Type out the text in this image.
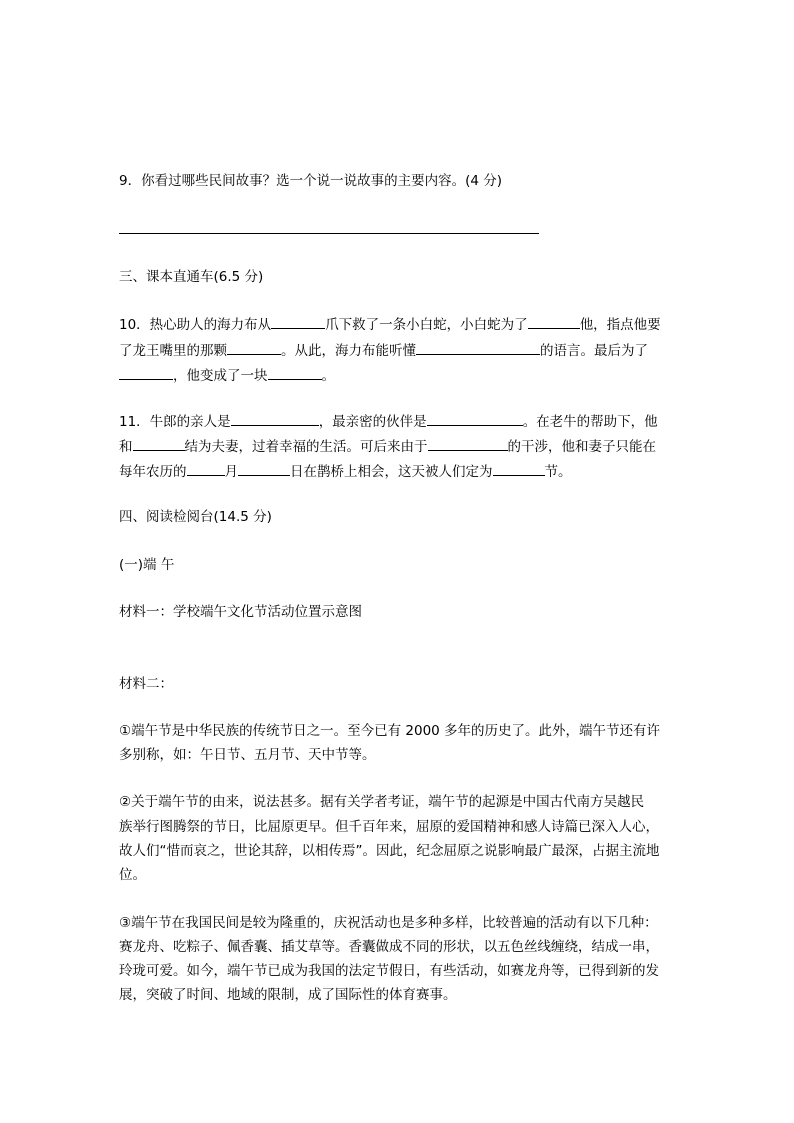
9．你看过哪些民间故事？选一个说一说故事的主要内容。(4 分)
三、课本直通车(6.5 分)
10．热心助人的海力布从	爪下救了一条小白蛇，小白蛇为了	他，指点他要
了龙王嘴里的那颗	。从此，海力布能听懂	的语言。最后为了
，他变成了一块	。
11．牛郎的亲人是	，最亲密的伙伴是	。在老牛的帮助下，他
和	结为夫妻，过着幸福的生活。可后来由于	的干涉，他和妻子只能在
每年农历的	月	日在鹊桥上相会，这天被人们定为	节。
四、阅读检阅台(14.5 分)
(一)端 午
材料一：学校端午文化节活动位置示意图
材料二：
①端午节是中华民族的传统节日之一。至今已有 2000 多年的历史了。此外，端午节还有许
多别称，如：午日节、五月节、天中节等。
②关于端午节的由来，说法甚多。据有关学者考证，端午节的起源是中国古代南方吴越民
族举行图腾祭的节日，比屈原更早。但千百年来，屈原的爱国精神和感人诗篇已深入人心，
故人们“惜而哀之，世论其辞，以相传焉”。因此，纪念屈原之说影响最广最深，占据主流地
位。
③端午节在我国民间是较为隆重的，庆祝活动也是多种多样，比较普遍的活动有以下几种：
赛龙舟、吃粽子、佩香囊、插艾草等。香囊做成不同的形状，以五色丝线缠绕，结成一串，
玲珑可爱。如今，端午节已成为我国的法定节假日，有些活动，如赛龙舟等，已得到新的发
展，突破了时间、地域的限制，成了国际性的体育赛事。
